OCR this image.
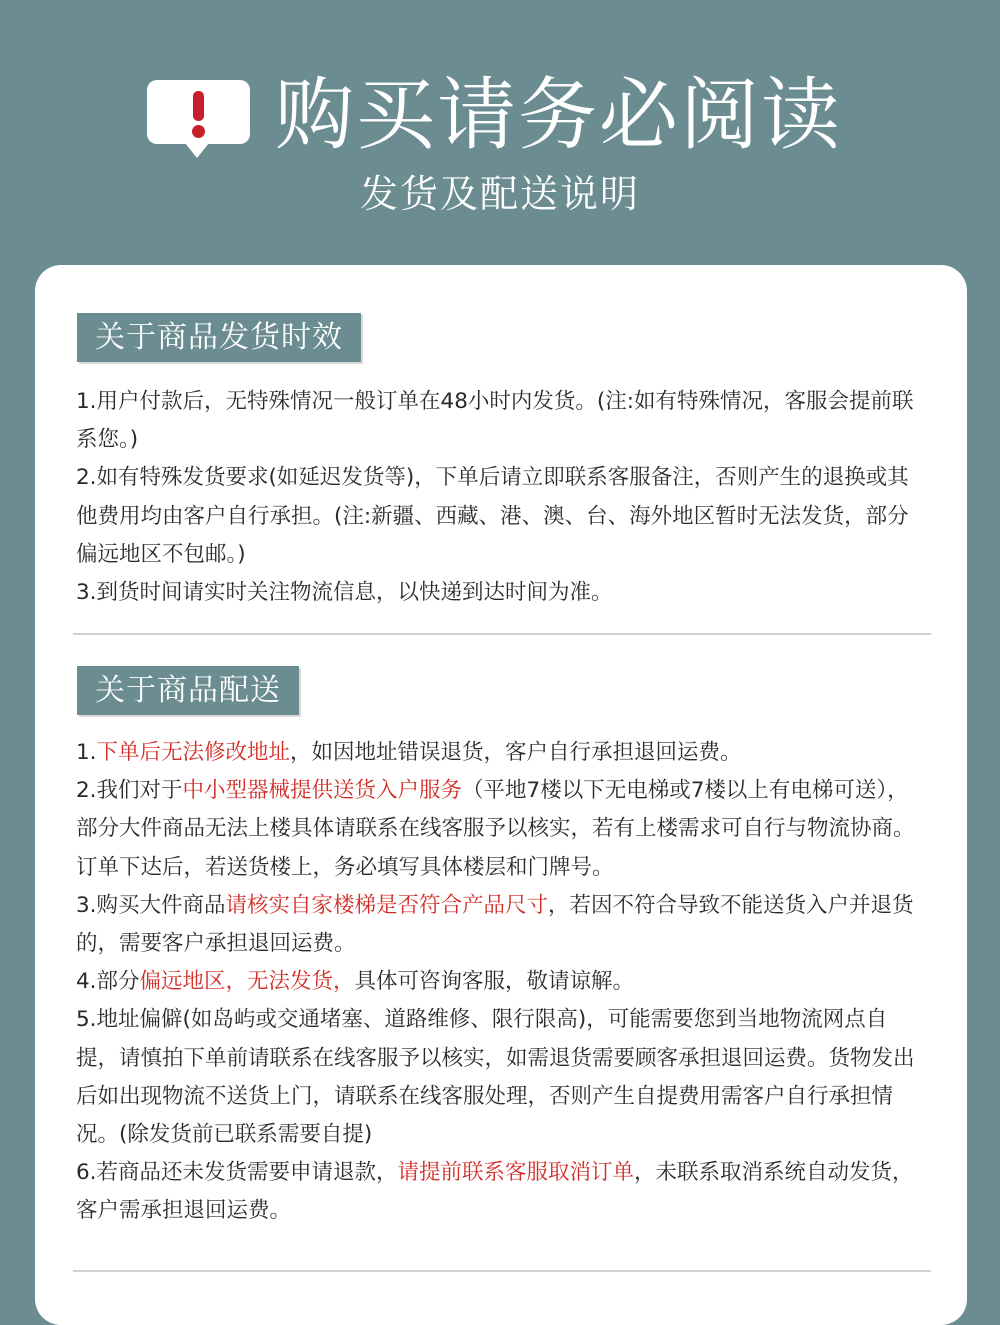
购买请务必阅读
发货及配送说明
关于商品发货时效

1.用户付款后，无特殊情况一般订单在48小时内发货。(注:如有特殊情况，客服会提前联系您。)

2.如有特殊发货要求(如延迟发货等)，下单后请立即联系客服备注，否则产生的退换或其他费用均由客户自行承担。(注:新疆、西藏、港、澳、台、海外地区暂时无法发货，部分偏远地区不包邮。)

3.到货时间请实时关注物流信息，以快递到达时间为准。

关于商品配送

1.下单后无法修改地址，如因地址错误退货，客户自行承担退回运费。

2.我们对于中小型器械提供送货入户服务（平地7楼以下无电梯或7楼以上有电梯可送），部分大件商品无法上楼具体请联系在线客服予以核实，若有上楼需求可自行与物流协商。订单下达后，若送货楼上，务必填写具体楼层和门牌号。

3.购买大件商品请核实自家楼梯是否符合产品尺寸，若因不符合导致不能送货入户并退货的，需要客户承担退回运费。

4.部分偏远地区，无法发货，具体可咨询客服，敬请谅解。

5.地址偏僻(如岛屿或交通堵塞、道路维修、限行限高)，可能需要您到当地物流网点自提，请慎拍下单前请联系在线客服予以核实，如需退货需要顾客承担退回运费。货物发出后如出现物流不送货上门，请联系在线客服处理，否则产生自提费用需客户自行承担情况。(除发货前已联系需要自提)

6.若商品还未发货需要申请退款，请提前联系客服取消订单，未联系取消系统自动发货，客户需承担退回运费。
